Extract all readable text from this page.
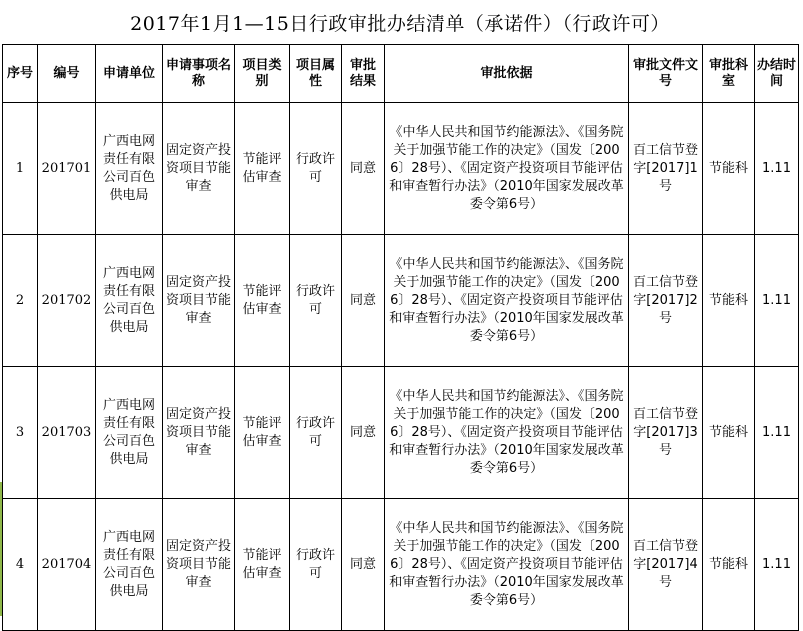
2017年1月1—15日行政审批办结清单（承诺件）（行政许可）
序号	编号	申请单位	申请事项名称	项目类别	项目属性	审批结果	审批依据	审批文件文号	审批科室	办结时间
1	201701	广西电网责任有限公司百色供电局	固定资产投资项目节能审查	节能评估审查	行政许可	同意	《中华人民共和国节约能源法》、《国务院关于加强节能工作的决定》（国发〔2006〕28号）、《固定资产投资项目节能评估和审查暂行办法》（2010年国家发展改革委令第6号）	百工信节登字[2017]1号	节能科	1.11
2	201702	广西电网责任有限公司百色供电局	固定资产投资项目节能审查	节能评估审查	行政许可	同意	《中华人民共和国节约能源法》、《国务院关于加强节能工作的决定》（国发〔2006〕28号）、《固定资产投资项目节能评估和审查暂行办法》（2010年国家发展改革委令第6号）	百工信节登字[2017]2号	节能科	1.11
3	201703	广西电网责任有限公司百色供电局	固定资产投资项目节能审查	节能评估审查	行政许可	同意	《中华人民共和国节约能源法》、《国务院关于加强节能工作的决定》（国发〔2006〕28号）、《固定资产投资项目节能评估和审查暂行办法》（2010年国家发展改革委令第6号）	百工信节登字[2017]3号	节能科	1.11
4	201704	广西电网责任有限公司百色供电局	固定资产投资项目节能审查	节能评估审查	行政许可	同意	《中华人民共和国节约能源法》、《国务院关于加强节能工作的决定》（国发〔2006〕28号）、《固定资产投资项目节能评估和审查暂行办法》（2010年国家发展改革委令第6号）	百工信节登字[2017]4号	节能科	1.11
